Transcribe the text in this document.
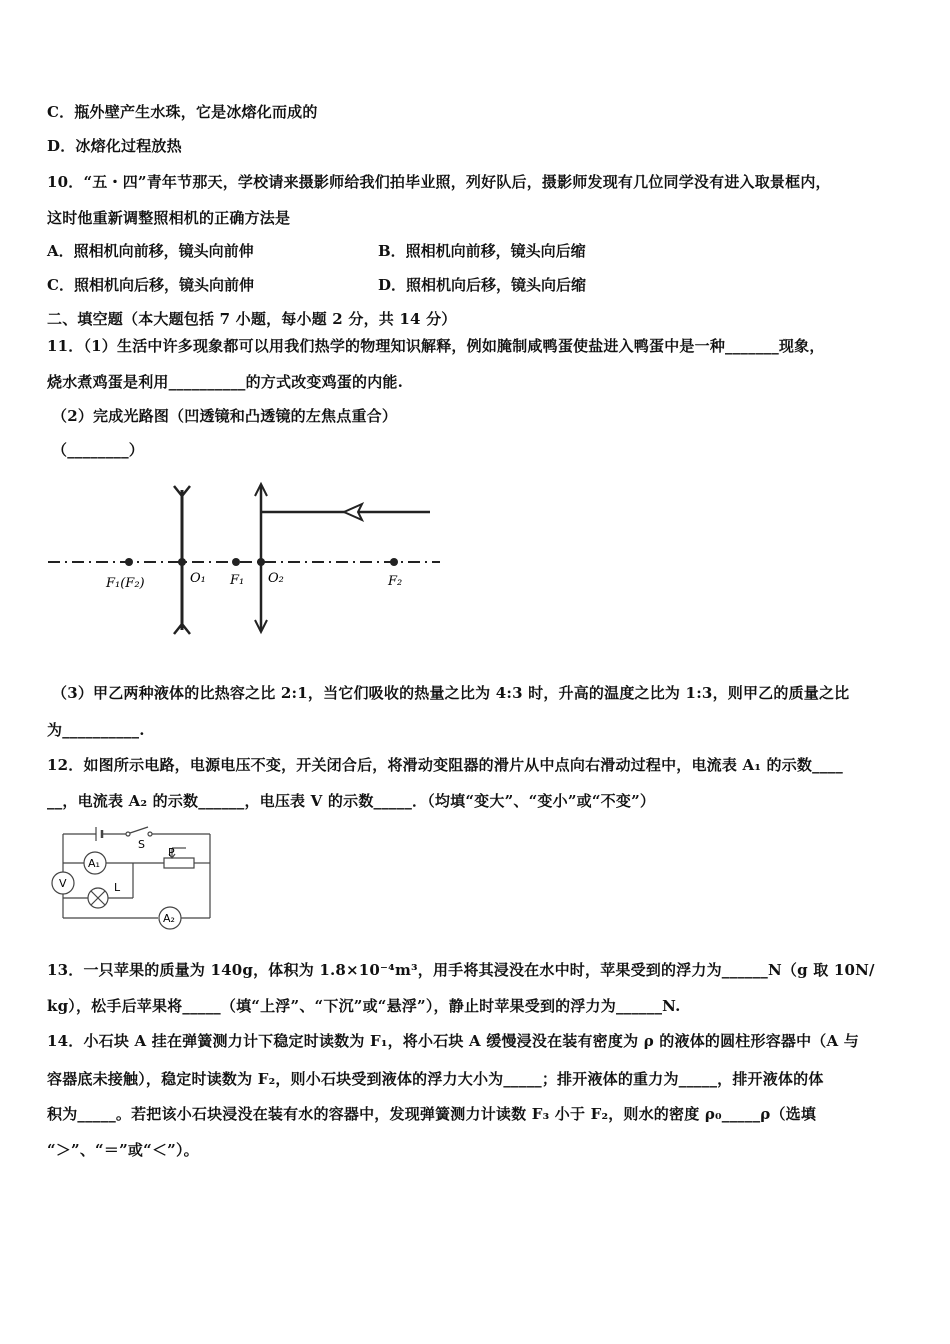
C．瓶外壁产生水珠，它是冰熔化而成的
D．冰熔化过程放热
10．“五・四”青年节那天，学校请来摄影师给我们拍毕业照，列好队后，摄影师发现有几位同学没有进入取景框内，
这时他重新调整照相机的正确方法是
A．照相机向前移，镜头向前伸	B．照相机向前移，镜头向后缩
C．照相机向后移，镜头向前伸	D．照相机向后移，镜头向后缩
二、填空题（本大题包括 7 小题，每小题 2 分，共 14 分）
11．（1）生活中许多现象都可以用我们热学的物理知识解释，例如腌制咸鸭蛋使盐进入鸭蛋中是一种_______现象，
烧水煮鸡蛋是利用__________的方式改变鸡蛋的内能.
（2）完成光路图（凹透镜和凸透镜的左焦点重合）
（________）
F₁(F₂)	O₁ F₁ O₂	F₂
（3）甲乙两种液体的比热容之比 2:1，当它们吸收的热量之比为 4:3 时，升高的温度之比为 1:3，则甲乙的质量之比
为__________.
12．如图所示电路，电源电压不变，开关闭合后，将滑动变阻器的滑片从中点向右滑动过程中，电流表 A₁ 的示数____
__，电流表 A₂ 的示数______，电压表 V 的示数_____．（均填“变大”、“变小”或“不变”）
S
P
A₁
V	L
A₂
13．一只苹果的质量为 140g，体积为 1.8×10⁻⁴m³，用手将其浸没在水中时，苹果受到的浮力为______N（g 取 10N/
kg），松手后苹果将_____（填“上浮”、“下沉”或“悬浮”），静止时苹果受到的浮力为______N.
14．小石块 A 挂在弹簧测力计下稳定时读数为 F₁，将小石块 A 缓慢浸没在装有密度为 ρ 的液体的圆柱形容器中（A 与
容器底未接触），稳定时读数为 F₂，则小石块受到液体的浮力大小为_____；排开液体的重力为_____，排开液体的体
积为_____。若把该小石块浸没在装有水的容器中，发现弹簧测力计读数 F₃ 小于 F₂，则水的密度 ρ₀_____ρ（选填
“＞”、“＝”或“＜”）。
